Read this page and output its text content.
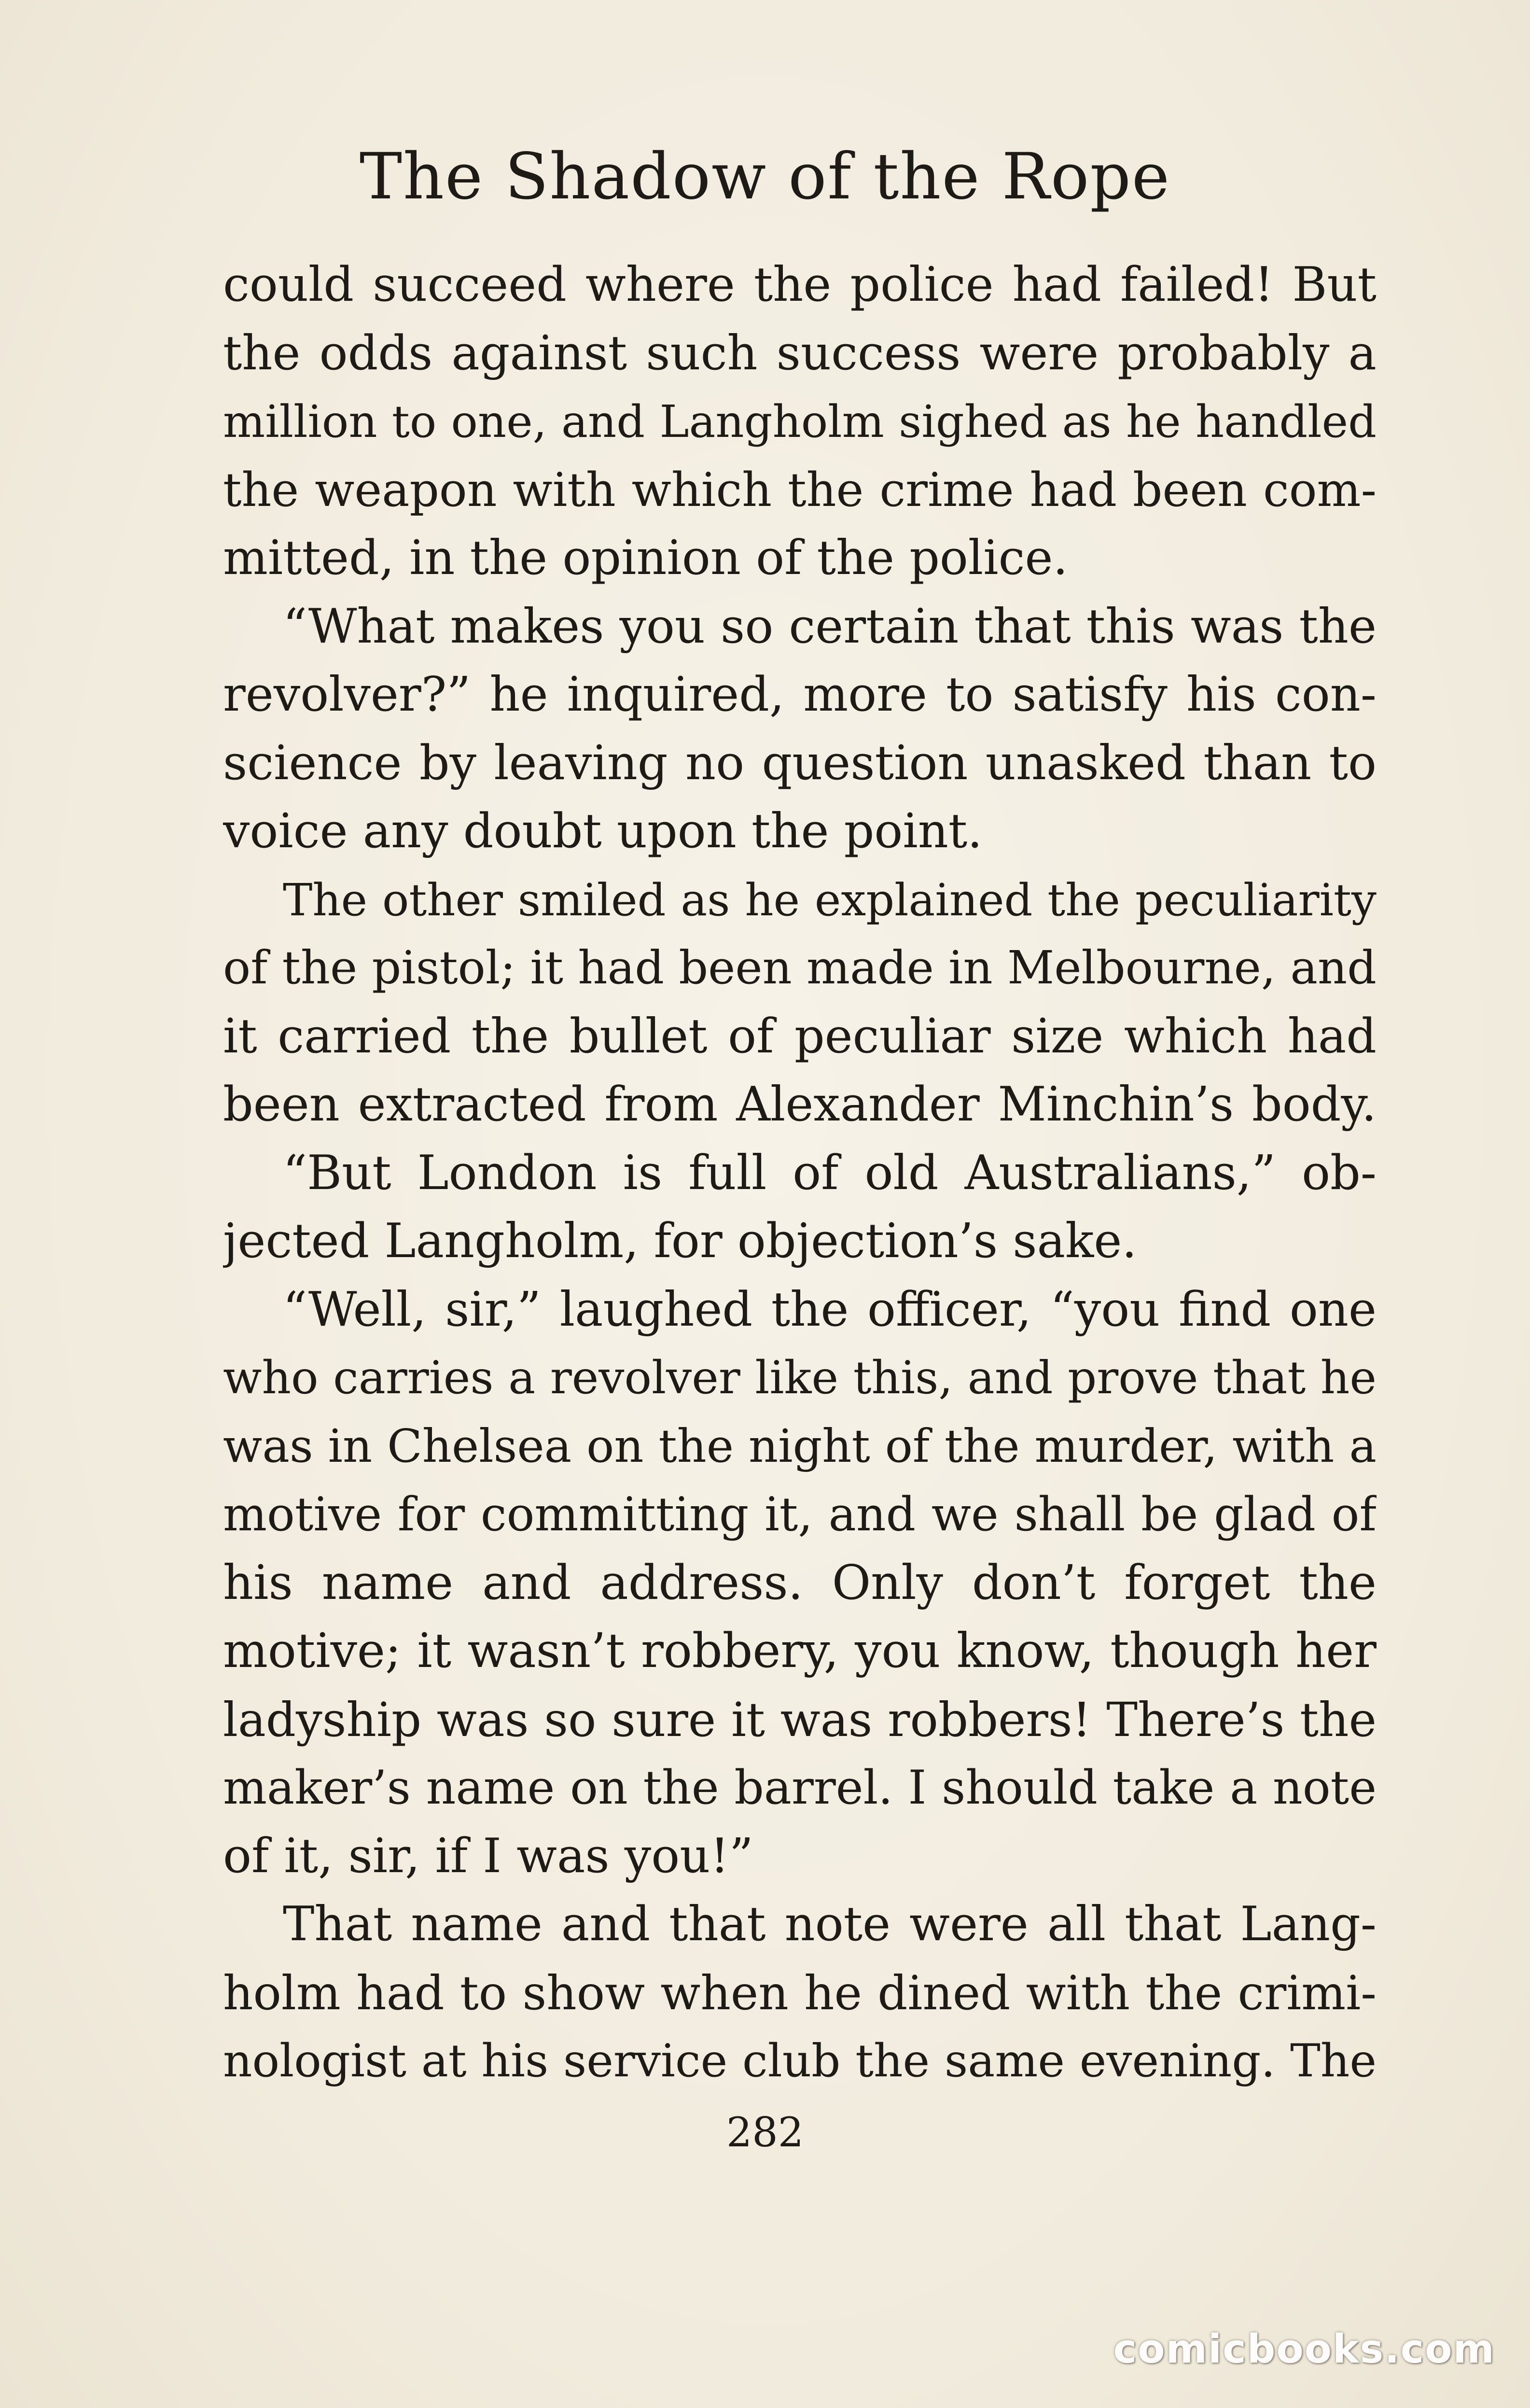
The Shadow of the Rope
could succeed where the police had failed! But
the odds against such success were probably a
million to one, and Langholm sighed as he handled
the weapon with which the crime had been com-
mitted, in the opinion of the police.
“What makes you so certain that this was the
revolver?” he inquired, more to satisfy his con-
science by leaving no question unasked than to
voice any doubt upon the point.
The other smiled as he explained the peculiarity
of the pistol; it had been made in Melbourne, and
it carried the bullet of peculiar size which had
been extracted from Alexander Minchin’s body.
“But London is full of old Australians,” ob-
jected Langholm, for objection’s sake.
“Well, sir,” laughed the officer, “you find one
who carries a revolver like this, and prove that he
was in Chelsea on the night of the murder, with a
motive for committing it, and we shall be glad of
his name and address. Only don’t forget the
motive; it wasn’t robbery, you know, though her
ladyship was so sure it was robbers! There’s the
maker’s name on the barrel. I should take a note
of it, sir, if I was you!”
That name and that note were all that Lang-
holm had to show when he dined with the crimi-
nologist at his service club the same evening. The
282
comicbooks.com
